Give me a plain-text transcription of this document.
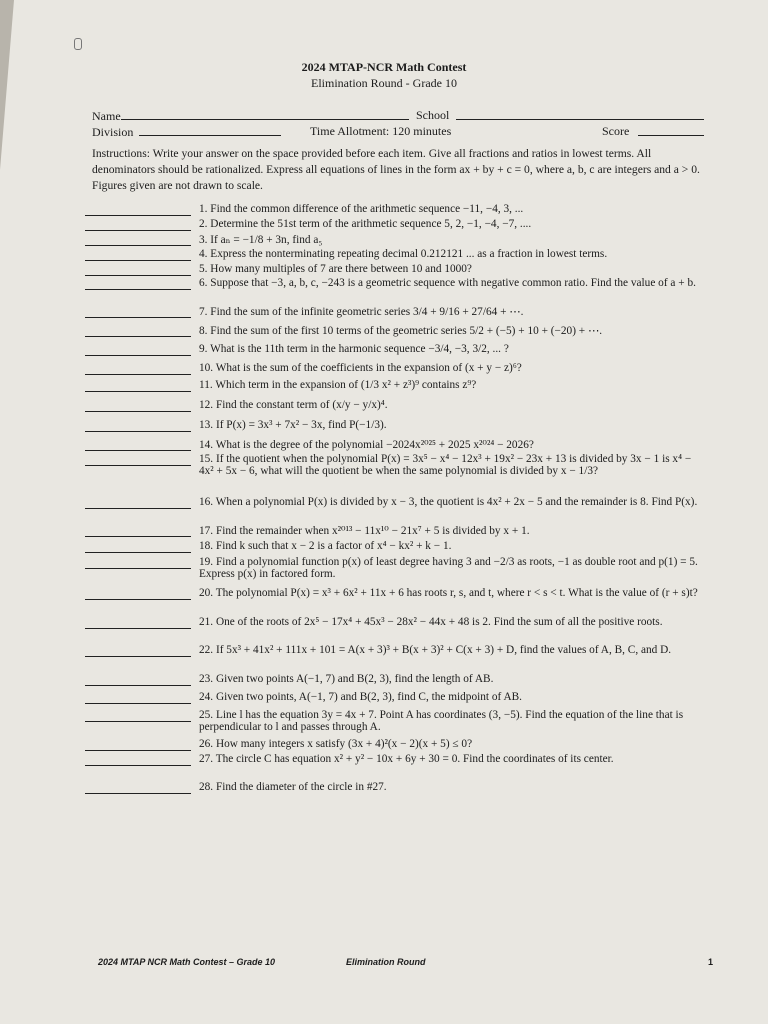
2024 MTAP-NCR Math Contest
Elimination Round - Grade 10
Name	School
Division	Time Allotment: 120 minutes	Score
Instructions: Write your answer on the space provided before each item. Give all fractions and ratios in lowest terms. All denominators should be rationalized. Express all equations of lines in the form ax + by + c = 0, where a, b, c are integers and a > 0. Figures given are not drawn to scale.
1. Find the common difference of the arithmetic sequence −11, −4, 3, ...
2. Determine the 51st term of the arithmetic sequence 5, 2, −1, −4, −7, ....
3. If aₙ = −1/8 + 3n, find a₅
4. Express the nonterminating repeating decimal 0.212121 ... as a fraction in lowest terms.
5. How many multiples of 7 are there between 10 and 1000?
6. Suppose that −3, a, b, c, −243 is a geometric sequence with negative common ratio. Find the value of a + b.
7. Find the sum of the infinite geometric series 3/4 + 9/16 + 27/64 + ⋯.
8. Find the sum of the first 10 terms of the geometric series 5/2 + (−5) + 10 + (−20) + ⋯.
9. What is the 11th term in the harmonic sequence −3/4, −3, 3/2, ... ?
10. What is the sum of the coefficients in the expansion of (x + y − z)⁶?
11. Which term in the expansion of (1/3 x² + z³)⁹ contains z⁹?
12. Find the constant term of (x/y − y/x)⁴.
13. If P(x) = 3x³ + 7x² − 3x, find P(−1/3).
14. What is the degree of the polynomial −2024x²⁰²⁵ + 2025 x²⁰²⁴ − 2026?
15. If the quotient when the polynomial P(x) = 3x⁵ − x⁴ − 12x³ + 19x² − 23x + 13 is divided by 3x − 1 is x⁴ − 4x² + 5x − 6, what will the quotient be when the same polynomial is divided by x − 1/3?
16. When a polynomial P(x) is divided by x − 3, the quotient is 4x² + 2x − 5 and the remainder is 8. Find P(x).
17. Find the remainder when x²⁰¹³ − 11x¹⁰ − 21x⁷ + 5 is divided by x + 1.
18. Find k such that x − 2 is a factor of x⁴ − kx² + k − 1.
19. Find a polynomial function p(x) of least degree having 3 and −2/3 as roots, −1 as double root and p(1) = 5. Express p(x) in factored form.
20. The polynomial P(x) = x³ + 6x² + 11x + 6 has roots r, s, and t, where r < s < t. What is the value of (r + s)t?
21. One of the roots of 2x⁵ − 17x⁴ + 45x³ − 28x² − 44x + 48 is 2. Find the sum of all the positive roots.
22. If 5x³ + 41x² + 111x + 101 = A(x + 3)³ + B(x + 3)² + C(x + 3) + D, find the values of A, B, C, and D.
23. Given two points A(−1, 7) and B(2, 3), find the length of AB.
24. Given two points, A(−1, 7) and B(2, 3), find C, the midpoint of AB.
25. Line l has the equation 3y = 4x + 7. Point A has coordinates (3, −5). Find the equation of the line that is perpendicular to l and passes through A.
26. How many integers x satisfy (3x + 4)²(x − 2)(x + 5) ≤ 0?
27. The circle C has equation x² + y² − 10x + 6y + 30 = 0. Find the coordinates of its center.
28. Find the diameter of the circle in #27.
2024 MTAP NCR Math Contest – Grade 10	Elimination Round	1
